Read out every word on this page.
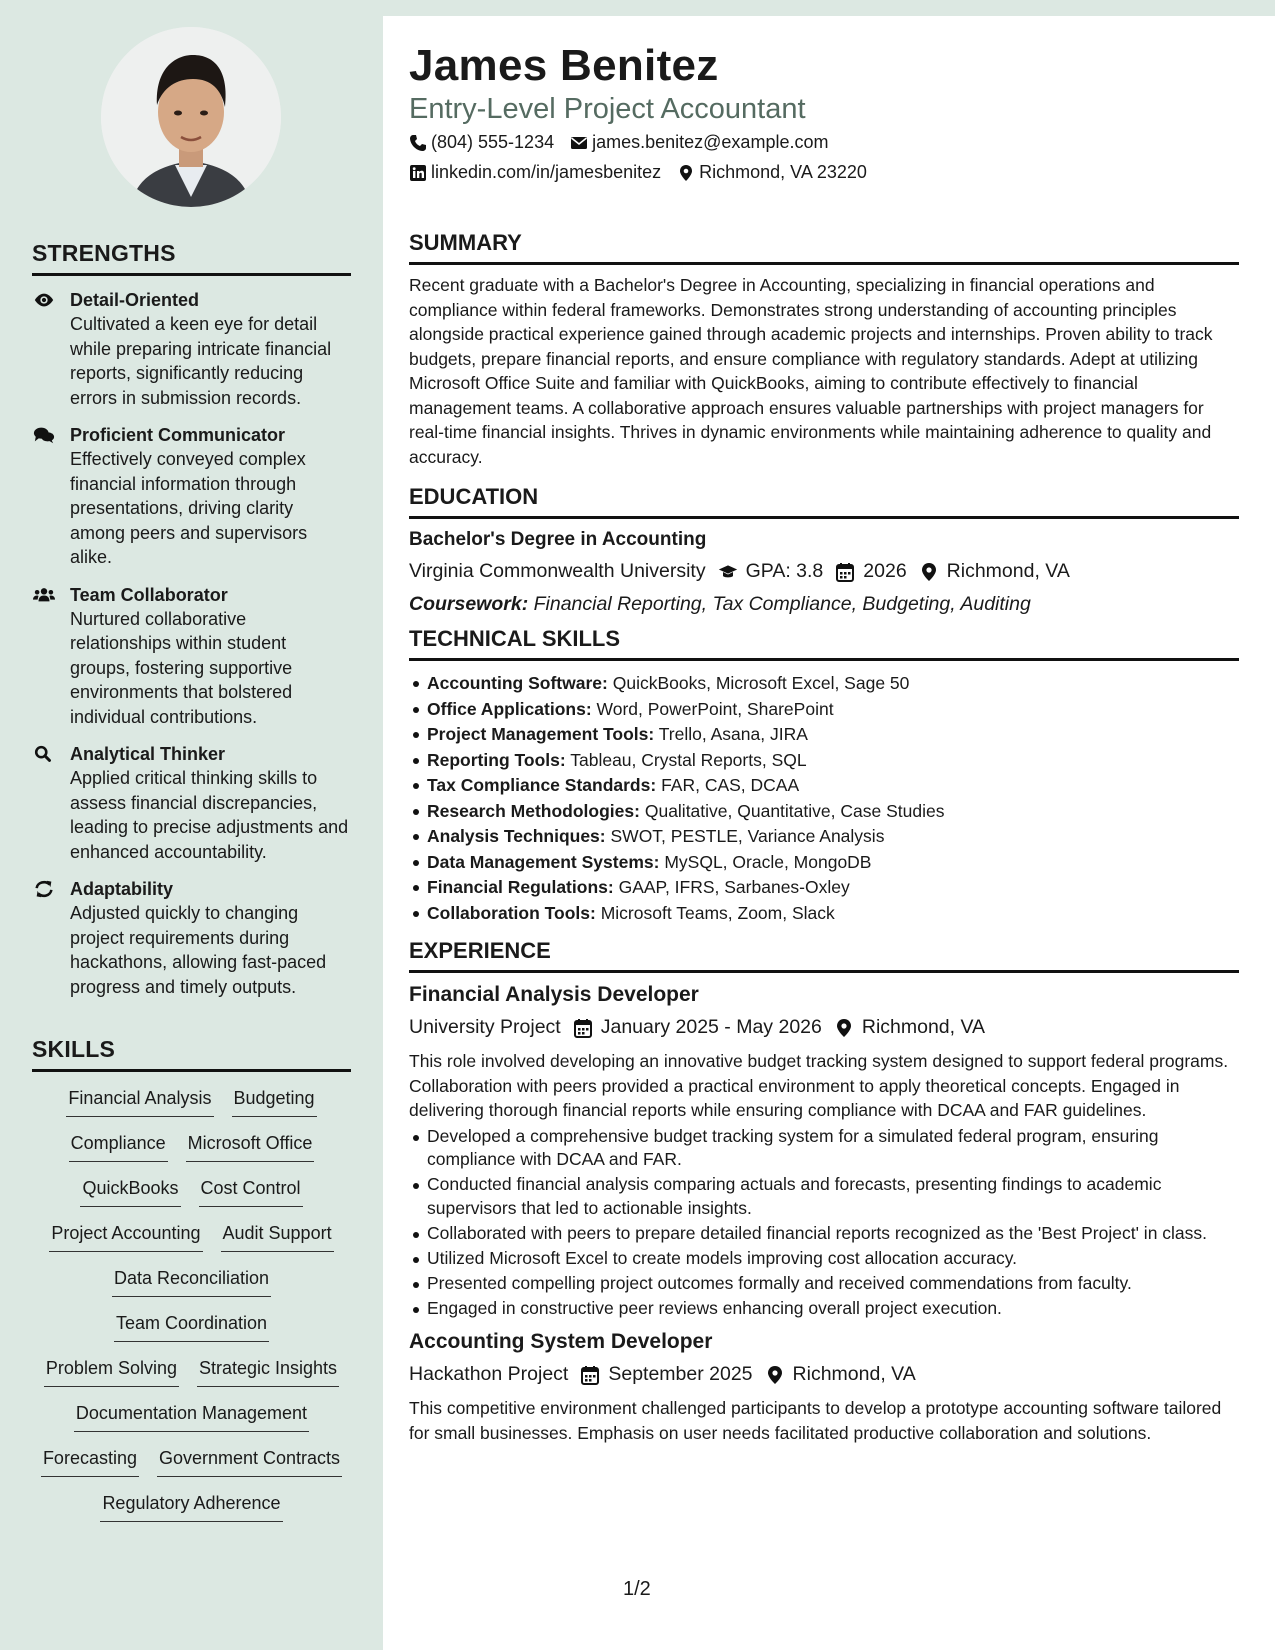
STRENGTHS
Detail-Oriented
Cultivated a keen eye for detail while preparing intricate financial reports, significantly reducing errors in submission records.
Proficient Communicator
Effectively conveyed complex financial information through presentations, driving clarity among peers and supervisors alike.
Team Collaborator
Nurtured collaborative relationships within student groups, fostering supportive environments that bolstered individual contributions.
Analytical Thinker
Applied critical thinking skills to assess financial discrepancies, leading to precise adjustments and enhanced accountability.
Adaptability
Adjusted quickly to changing project requirements during hackathons, allowing fast-paced progress and timely outputs.
SKILLS
Financial Analysis Budgeting
Compliance Microsoft Office
QuickBooks Cost Control
Project Accounting Audit Support
Data Reconciliation
Team Coordination
Problem Solving Strategic Insights
Documentation Management
Forecasting Government Contracts
Regulatory Adherence
James Benitez
Entry-Level Project Accountant
(804) 555-1234 james.benitez@example.com
linkedin.com/in/jamesbenitez Richmond, VA 23220
SUMMARY
Recent graduate with a Bachelor's Degree in Accounting, specializing in financial operations and compliance within federal frameworks. Demonstrates strong understanding of accounting principles alongside practical experience gained through academic projects and internships. Proven ability to track budgets, prepare financial reports, and ensure compliance with regulatory standards. Adept at utilizing Microsoft Office Suite and familiar with QuickBooks, aiming to contribute effectively to financial management teams. A collaborative approach ensures valuable partnerships with project managers for real-time financial insights. Thrives in dynamic environments while maintaining adherence to quality and accuracy.
EDUCATION
Bachelor's Degree in Accounting
Virginia Commonwealth University GPA: 3.8 2026 Richmond, VA
Coursework: Financial Reporting, Tax Compliance, Budgeting, Auditing
TECHNICAL SKILLS
Accounting Software: QuickBooks, Microsoft Excel, Sage 50
Office Applications: Word, PowerPoint, SharePoint
Project Management Tools: Trello, Asana, JIRA
Reporting Tools: Tableau, Crystal Reports, SQL
Tax Compliance Standards: FAR, CAS, DCAA
Research Methodologies: Qualitative, Quantitative, Case Studies
Analysis Techniques: SWOT, PESTLE, Variance Analysis
Data Management Systems: MySQL, Oracle, MongoDB
Financial Regulations: GAAP, IFRS, Sarbanes-Oxley
Collaboration Tools: Microsoft Teams, Zoom, Slack
EXPERIENCE
Financial Analysis Developer
University Project January 2025 - May 2026 Richmond, VA
This role involved developing an innovative budget tracking system designed to support federal programs. Collaboration with peers provided a practical environment to apply theoretical concepts. Engaged in delivering thorough financial reports while ensuring compliance with DCAA and FAR guidelines.
Developed a comprehensive budget tracking system for a simulated federal program, ensuring compliance with DCAA and FAR.
Conducted financial analysis comparing actuals and forecasts, presenting findings to academic supervisors that led to actionable insights.
Collaborated with peers to prepare detailed financial reports recognized as the 'Best Project' in class.
Utilized Microsoft Excel to create models improving cost allocation accuracy.
Presented compelling project outcomes formally and received commendations from faculty.
Engaged in constructive peer reviews enhancing overall project execution.
Accounting System Developer
Hackathon Project September 2025 Richmond, VA
This competitive environment challenged participants to develop a prototype accounting software tailored for small businesses. Emphasis on user needs facilitated productive collaboration and solutions.
1/2
